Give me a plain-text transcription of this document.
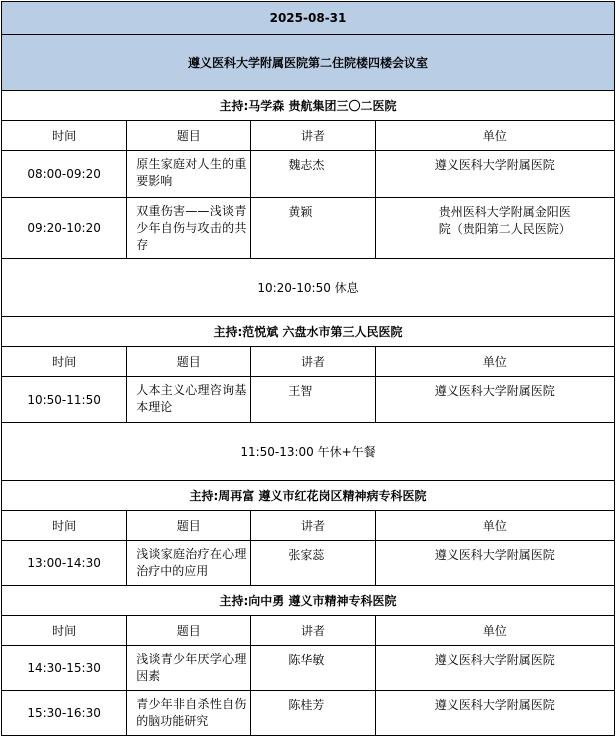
2025-08-31			
遵义医科大学附属医院第二住院楼四楼会议室			
主持:马学森 贵航集团三〇二医院			
时间	题目	讲者	单位
08:00-09:20	原生家庭对人生的重要影响	魏志杰	遵义医科大学附属医院
09:20-10:20	双重伤害——浅谈青少年自伤与攻击的共存	黄颖	贵州医科大学附属金阳医院（贵阳第二人民医院）
10:20-10:50 休息			
主持:范悦斌 六盘水市第三人民医院			
时间	题目	讲者	单位
10:50-11:50	人本主义心理咨询基本理论	王智	遵义医科大学附属医院
11:50-13:00 午休+午餐			
主持:周再富 遵义市红花岗区精神病专科医院			
时间	题目	讲者	单位
13:00-14:30	浅谈家庭治疗在心理治疗中的应用	张家蕊	遵义医科大学附属医院
主持:向中勇 遵义市精神专科医院			
时间	题目	讲者	单位
14:30-15:30	浅谈青少年厌学心理因素	陈华敏	遵义医科大学附属医院
15:30-16:30	青少年非自杀性自伤的脑功能研究	陈桂芳	遵义医科大学附属医院
